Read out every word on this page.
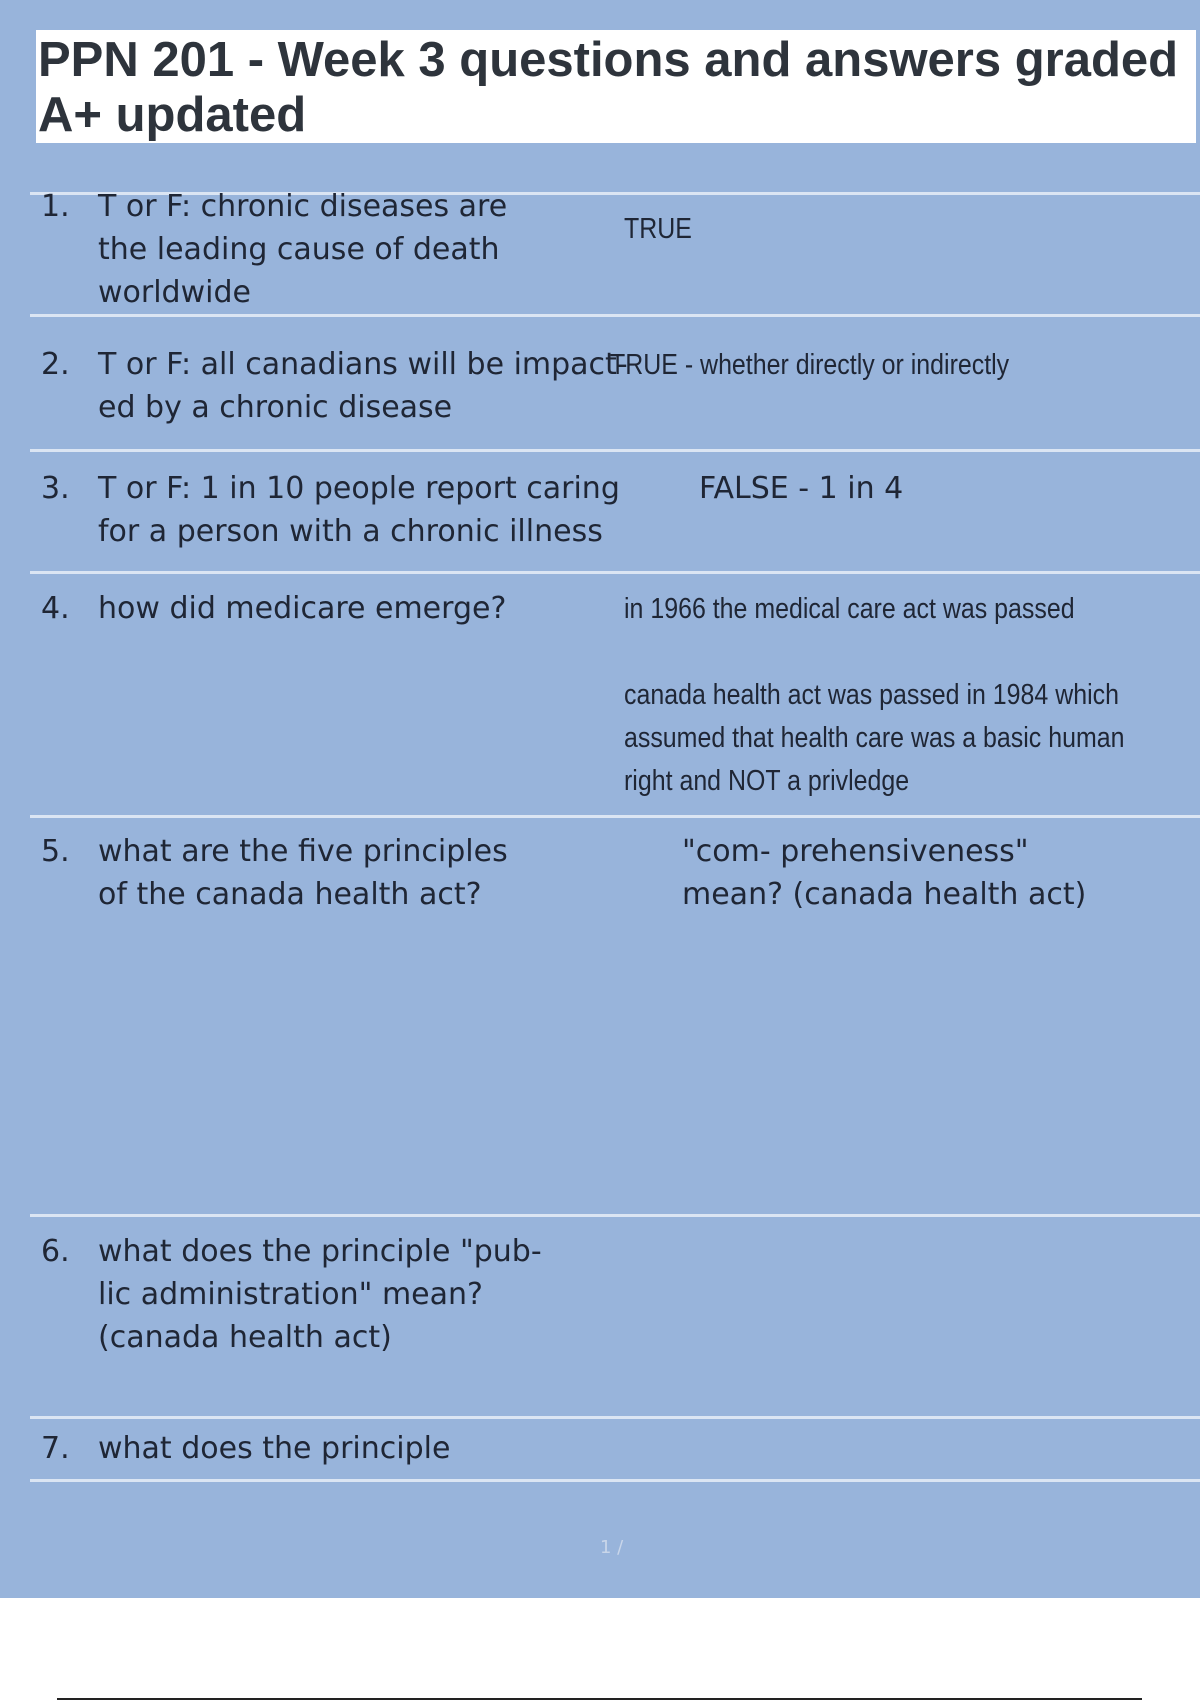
PPN 201 - Week 3 questions and answers graded A+ updated
1. T or F: chronic diseases are
the leading cause of death
worldwide
TRUE
2. T or F: all canadians will be impact-
ed by a chronic disease
TRUE - whether directly or indirectly
3. T or F: 1 in 10 people report caring
for a person with a chronic illness
FALSE - 1 in 4
4. how did medicare emerge?	in 1966 the medical care act was passed

canada health act was passed in 1984 which
assumed that health care was a basic human
right and NOT a privledge
5. what are the five principles
of the canada health act?
"com- prehensiveness"
mean? (canada health act)
6. what does the principle "pub-
lic administration" mean?
(canada health act)
7. what does the principle
1 /
